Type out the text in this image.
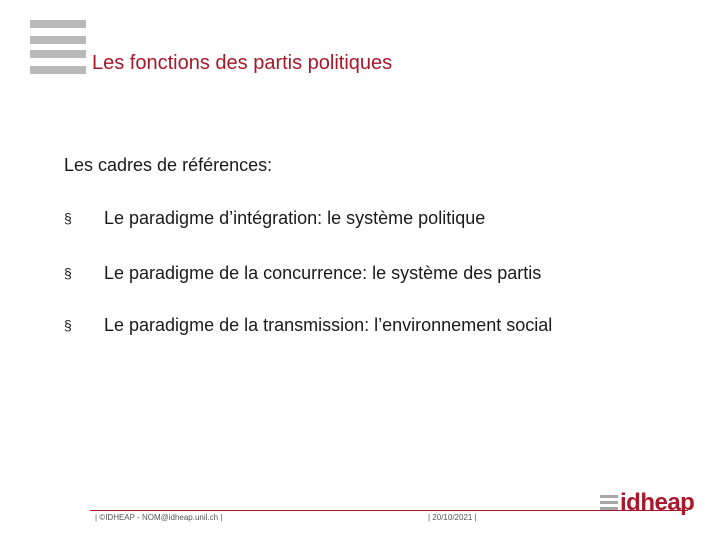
Les fonctions des partis politiques
Les cadres de références:
§ Le paradigme d’intégration: le système politique
§ Le paradigme de la concurrence: le système des partis
§ Le paradigme de la transmission: l’environnement social
| ©IDHEAP - NOM@idheap.unil.ch |	| 20/10/2021 |
idheap
